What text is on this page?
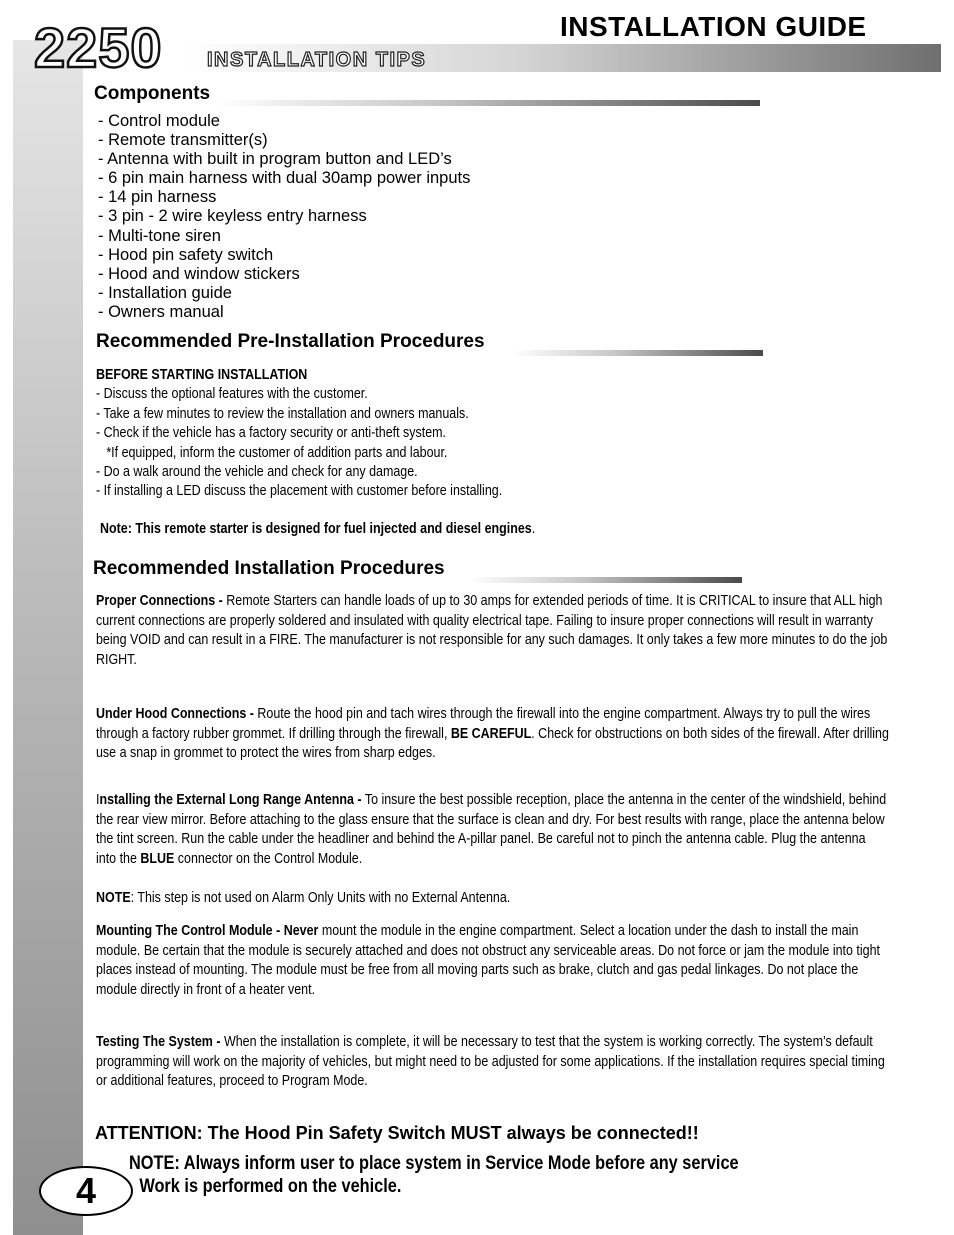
2250 INSTALLATION TIPS
INSTALLATION GUIDE
Components
- Control module
- Remote transmitter(s)
- Antenna with built in program button and LED’s
- 6 pin main harness with dual 30amp power inputs
- 14 pin harness
- 3 pin - 2 wire keyless entry harness
- Multi-tone siren
- Hood pin safety switch
- Hood and window stickers
- Installation guide
- Owners manual
Recommended Pre-Installation Procedures
BEFORE STARTING INSTALLATION
- Discuss the optional features with the customer.
- Take a few minutes to review the installation and owners manuals.
- Check if the vehicle has a factory security or anti-theft system.
*If equipped, inform the customer of addition parts and labour.
- Do a walk around the vehicle and check for any damage.
- If installing a LED discuss the placement with customer before installing.
Note: This remote starter is designed for fuel injected and diesel engines.
Recommended Installation Procedures

Proper Connections - Remote Starters can handle loads of up to 30 amps for extended periods of time. It is CRITICAL to insure that ALL high current connections are properly soldered and insulated with quality electrical tape. Failing to insure proper connections will result in warranty being VOID and can result in a FIRE. The manufacturer is not responsible for any such damages. It only takes a few more minutes to do the job RIGHT.

Under Hood Connections - Route the hood pin and tach wires through the firewall into the engine compartment. Always try to pull the wires through a factory rubber grommet. If drilling through the firewall, BE CAREFUL. Check for obstructions on both sides of the firewall. After drilling use a snap in grommet to protect the wires from sharp edges.

Installing the External Long Range Antenna - To insure the best possible reception, place the antenna in the center of the windshield, behind the rear view mirror. Before attaching to the glass ensure that the surface is clean and dry. For best results with range, place the antenna below the tint screen. Run the cable under the headliner and behind the A-pillar panel. Be careful not to pinch the antenna cable. Plug the antenna into the BLUE connector on the Control Module.

NOTE: This step is not used on Alarm Only Units with no External Antenna.

Mounting The Control Module - Never mount the module in the engine compartment. Select a location under the dash to install the main module. Be certain that the module is securely attached and does not obstruct any serviceable areas. Do not force or jam the module into tight places instead of mounting. The module must be free from all moving parts such as brake, clutch and gas pedal linkages. Do not place the module directly in front of a heater vent.

Testing The System - When the installation is complete, it will be necessary to test that the system is working correctly. The system’s default programming will work on the majority of vehicles, but might need to be adjusted for some applications. If the installation requires special timing or additional features, proceed to Program Mode.

ATTENTION: The Hood Pin Safety Switch MUST always be connected!!
NOTE: Always inform user to place system in Service Mode before any service
Work is performed on the vehicle.
4
